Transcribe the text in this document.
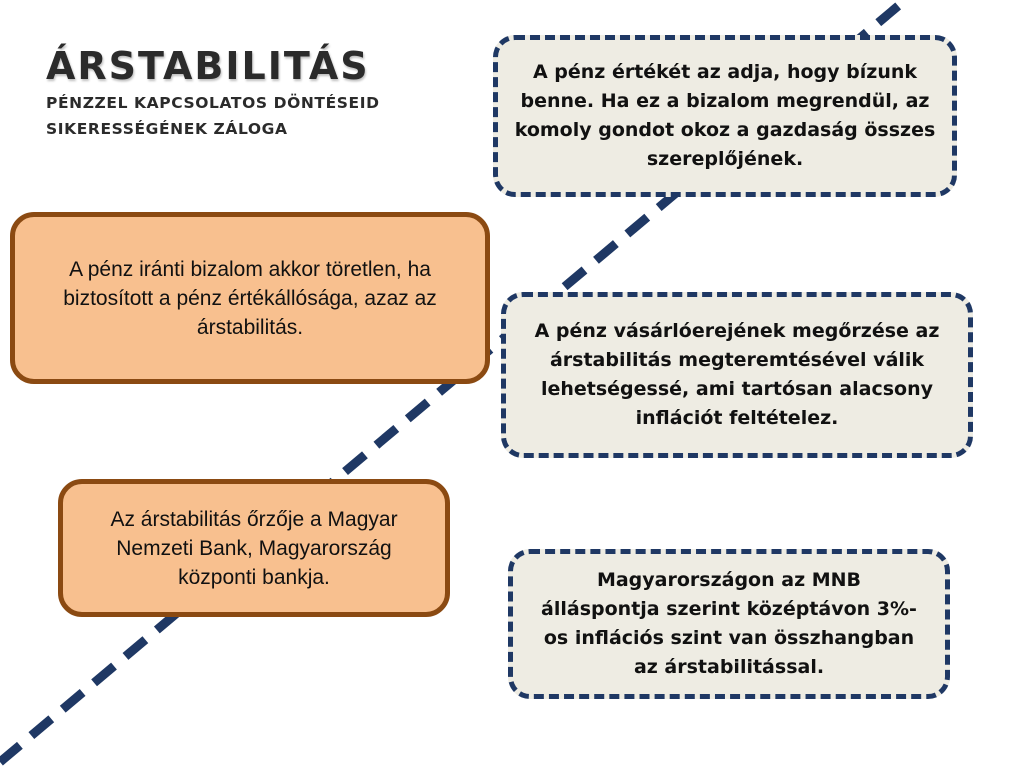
ÁRSTABILITÁS
PÉNZZEL KAPCSOLATOS DÖNTÉSEID
SIKERESSÉGÉNEK ZÁLOGA
A pénz értékét az adja, hogy bízunk benne. Ha ez a bizalom megrendül, az komoly gondot okoz a gazdaság összes szereplőjének.
A pénz iránti bizalom akkor töretlen, ha biztosított a pénz értékállósága, azaz az árstabilitás.	A pénz vásárlóerejének megőrzése az árstabilitás megteremtésével válik lehetségessé, ami tartósan alacsony inflációt feltételez.
Az árstabilitás őrzője a Magyar Nemzeti Bank, Magyarország központi bankja.	Magyarországon az MNB álláspontja szerint középtávon 3%-os inflációs szint van összhangban az árstabilitással.
